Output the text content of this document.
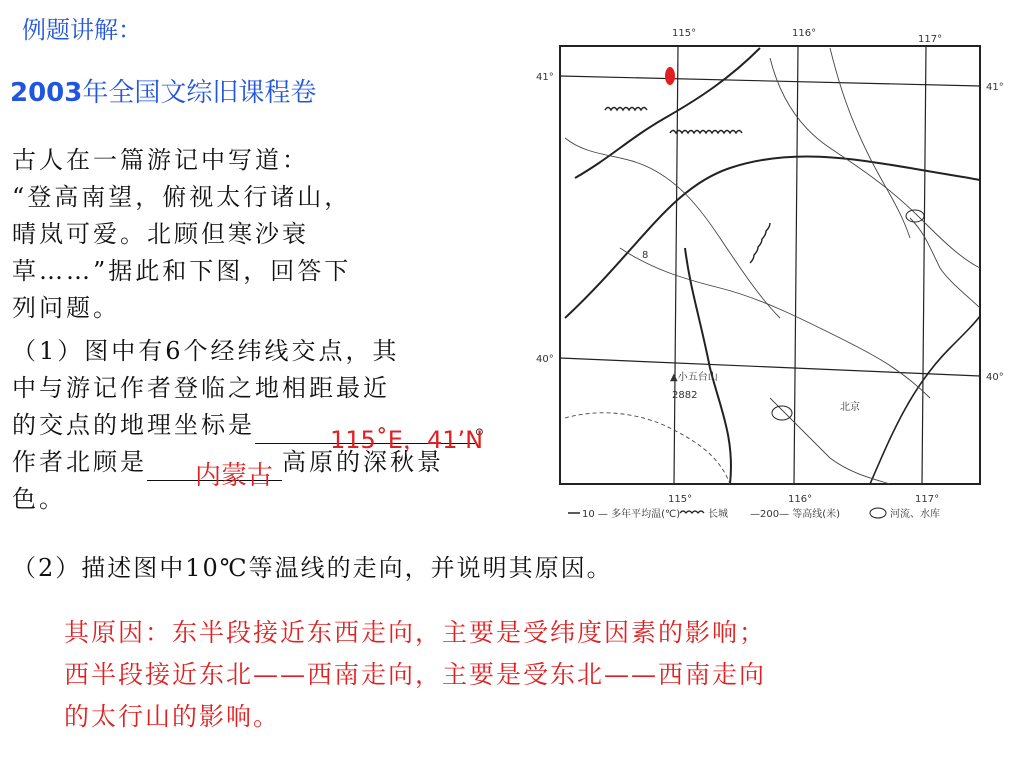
例题讲解：
2003年全国文综旧课程卷
古人在一篇游记中写道：
“登高南望，俯视太行诸山，
晴岚可爱。北顾但寒沙衰
草……”据此和下图，回答下
列问题。
（1）图中有6个经纬线交点，其
中与游记作者登临之地相距最近
的交点的地理坐标是	。
作者北顾是	高原的深秋景
色。
115˚E，41’N
内蒙古
（2）描述图中10℃等温线的走向，并说明其原因。
其原因：东半段接近东西走向，主要是受纬度因素的影响；
西半段接近东北——西南走向，主要是受东北——西南走向
的太行山的影响。
115°	116°
117°
115°	116°	117°
41°
40°
41°
40°
▲小五台山
2882
北京
8
10 — 多年平均温(℃)	长城 —200— 等高线(米)	河流、水库
